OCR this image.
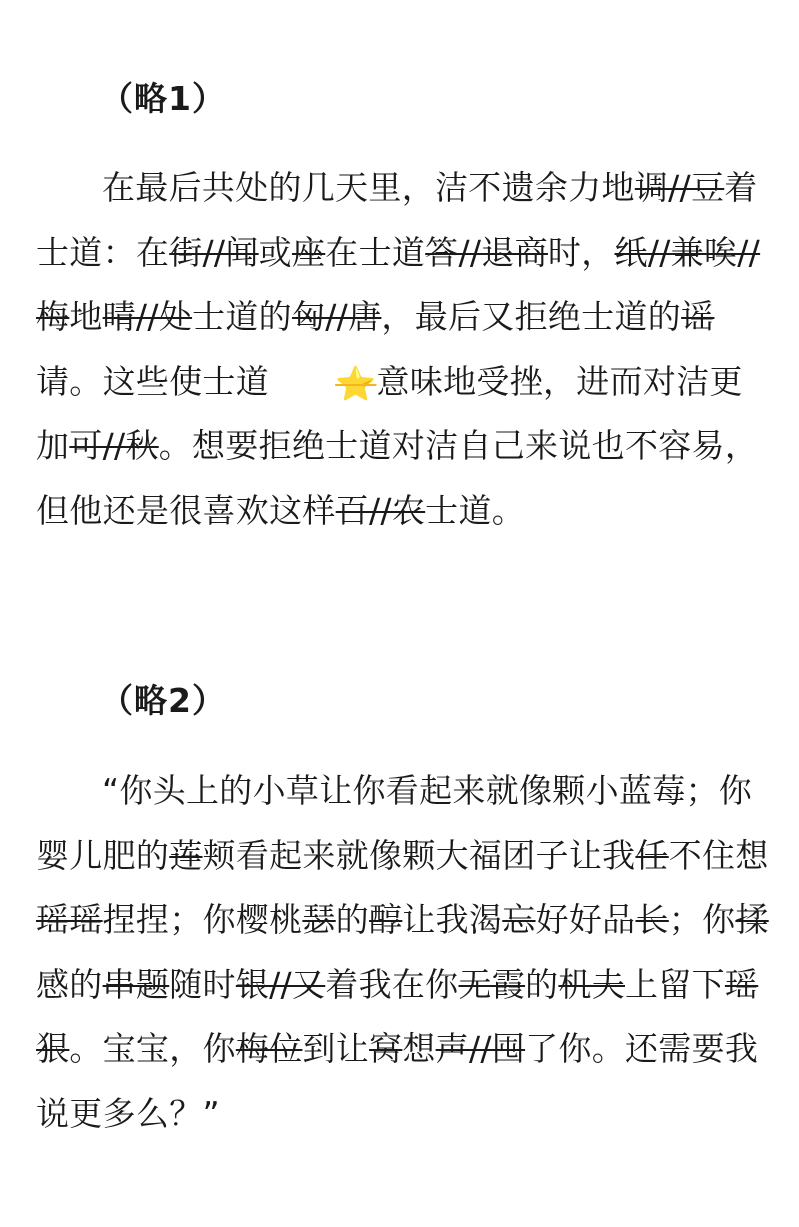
（略1）

在最后共处的几天里，洁不遗余力地调//豆着士道：在街//闻或座在士道答//退商时，纸//兼唉//梅地晴//处士道的匈//唐，最后又拒绝士道的谣请。这些使士道 ⭐意味地受挫，进而对洁更加可//秋。想要拒绝士道对洁自己来说也不容易，但他还是很喜欢这样百//农士道。

（略2）

“你头上的小草让你看起来就像颗小蓝莓；你婴儿肥的莲颊看起来就像颗大福团子让我任不住想瑶瑶捏捏；你樱桃瑟的醇让我渴忘好好品长；你揉感的串题随时银//又着我在你无霞的机夫上留下瑶狠。宝宝，你梅位到让窝想声//囤了你。还需要我说更多么？”
